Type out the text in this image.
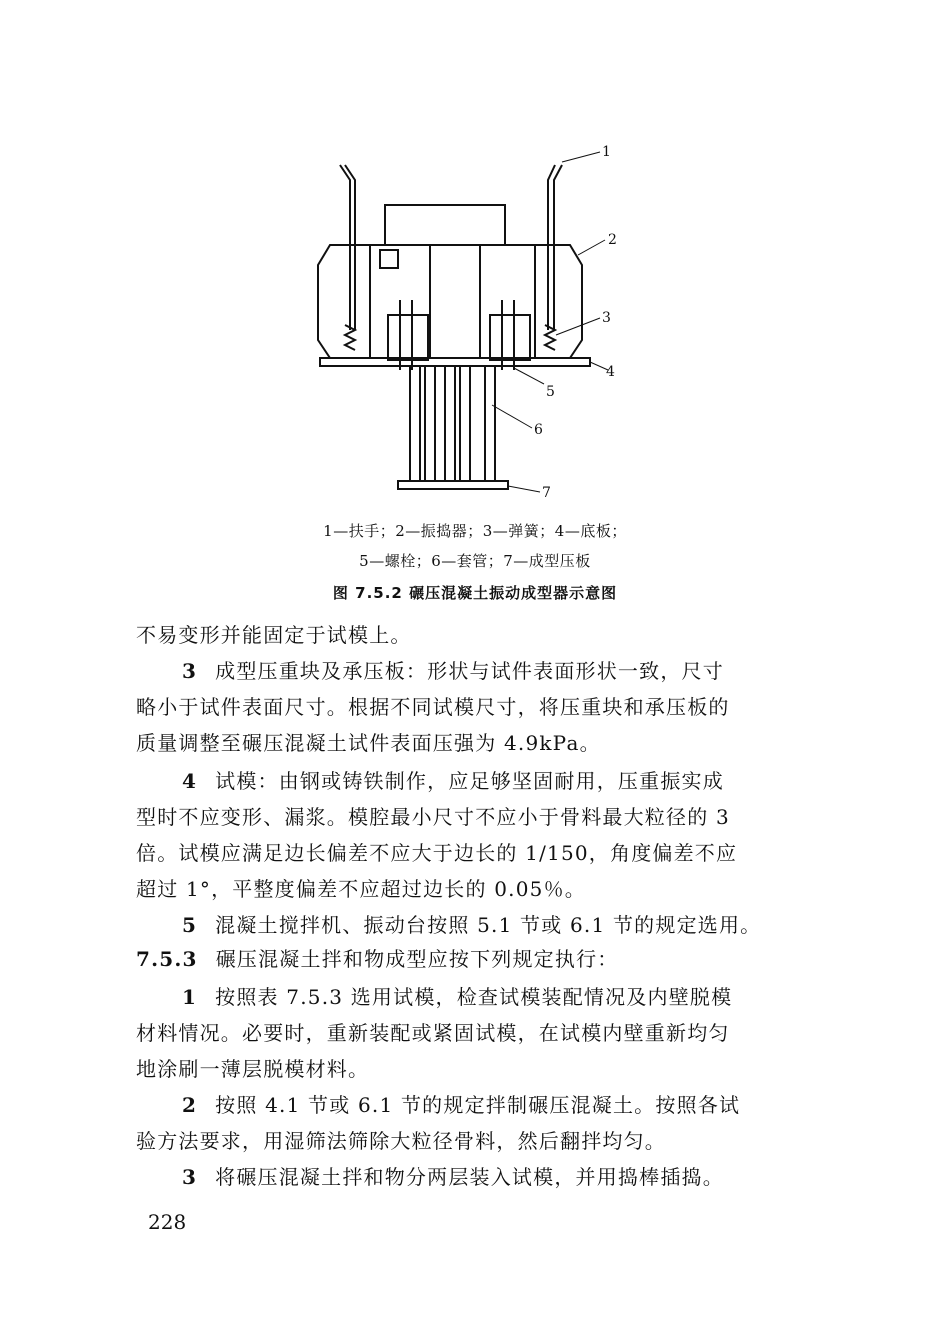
1
2
3
4
5
6
7
1—扶手；2—振捣器；3—弹簧；4—底板；
5—螺栓；6—套管；7—成型压板
图 7.5.2 碾压混凝土振动成型器示意图
不易变形并能固定于试模上。
3 成型压重块及承压板：形状与试件表面形状一致，尺寸
略小于试件表面尺寸。根据不同试模尺寸，将压重块和承压板的
质量调整至碾压混凝土试件表面压强为 4.9kPa。
4 试模：由钢或铸铁制作，应足够坚固耐用，压重振实成
型时不应变形、漏浆。模腔最小尺寸不应小于骨料最大粒径的 3
倍。试模应满足边长偏差不应大于边长的 1/150，角度偏差不应
超过 1°，平整度偏差不应超过边长的 0.05％。
5 混凝土搅拌机、振动台按照 5.1 节或 6.1 节的规定选用。
7.5.3 碾压混凝土拌和物成型应按下列规定执行：
1 按照表 7.5.3 选用试模，检查试模装配情况及内壁脱模
材料情况。必要时，重新装配或紧固试模，在试模内壁重新均匀
地涂刷一薄层脱模材料。
2 按照 4.1 节或 6.1 节的规定拌制碾压混凝土。按照各试
验方法要求，用湿筛法筛除大粒径骨料，然后翻拌均匀。
3 将碾压混凝土拌和物分两层装入试模，并用捣棒插捣。
228
